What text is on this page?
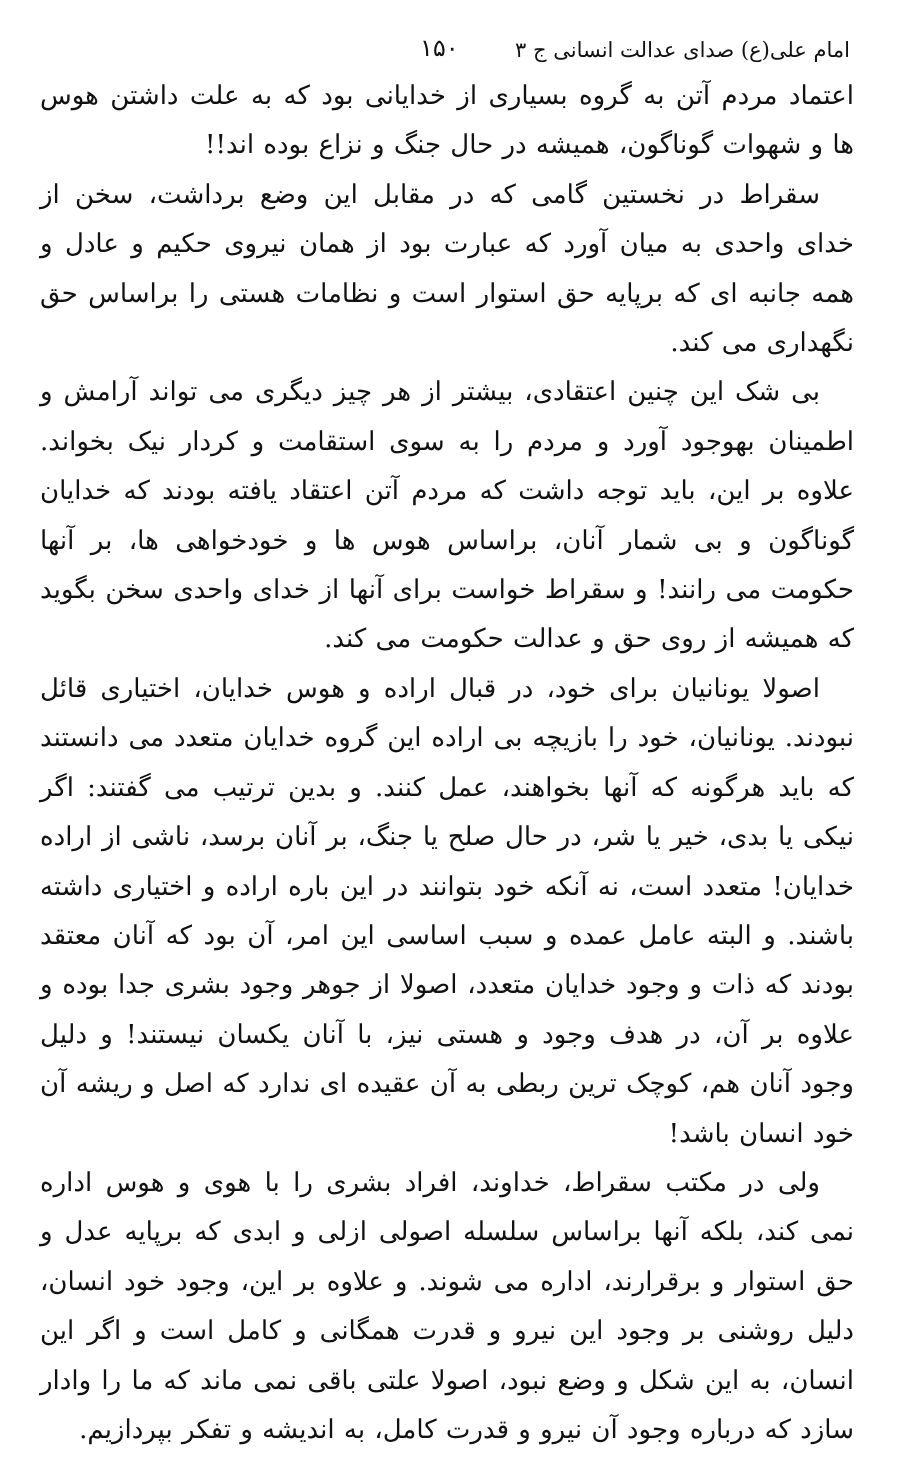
امام علی(ع) صدای عدالت انسانی ج ۳
۱۵۰

اعتماد مردم آتن به گروه بسیاری از خدایانی بود که به علت داشتن هوس ها و شهوات گوناگون، همیشه در حال جنگ و نزاع بوده اند!!

سقراط در نخستین گامی که در مقابل این وضع برداشت، سخن از خدای واحدی به میان آورد که عبارت بود از همان نیروی حکیم و عادل و همه جانبه ای که برپایه حق استوار است و نظامات هستی را براساس حق نگهداری می کند.

بی شک این چنین اعتقادی، بیشتر از هر چیز دیگری می تواند آرامش و اطمینان بهوجود آورد و مردم را به سوی استقامت و کردار نیک بخواند. علاوه بر این، باید توجه داشت که مردم آتن اعتقاد یافته بودند که خدایان گوناگون و بی شمار آنان، براساس هوس ها و خودخواهی ها، بر آنها حکومت می رانند! و سقراط خواست برای آنها از خدای واحدی سخن بگوید که همیشه از روی حق و عدالت حکومت می کند.

اصولا یونانیان برای خود، در قبال اراده و هوس خدایان، اختیاری قائل نبودند. یونانیان، خود را بازیچه بی اراده این گروه خدایان متعدد می دانستند که باید هرگونه که آنها بخواهند، عمل کنند. و بدین ترتیب می گفتند: اگر نیکی یا بدی، خیر یا شر، در حال صلح یا جنگ، بر آنان برسد، ناشی از اراده خدایان! متعدد است، نه آنکه خود بتوانند در این باره اراده و اختیاری داشته باشند. و البته عامل عمده و سبب اساسی این امر، آن بود که آنان معتقد بودند که ذات و وجود خدایان متعدد، اصولا از جوهر وجود بشری جدا بوده و علاوه بر آن، در هدف وجود و هستی نیز، با آنان یکسان نیستند! و دلیل وجود آنان هم، کوچک ترین ربطی به آن عقیده ای ندارد که اصل و ریشه آن خود انسان باشد!

ولی در مکتب سقراط، خداوند، افراد بشری را با هوی و هوس اداره نمی کند، بلکه آنها براساس سلسله اصولی ازلی و ابدی که برپایه عدل و حق استوار و برقرارند، اداره می شوند. و علاوه بر این، وجود خود انسان، دلیل روشنی بر وجود این نیرو و قدرت همگانی و کامل است و اگر این انسان، به این شکل و وضع نبود، اصولا علتی باقی نمی ماند که ما را وادار سازد که درباره وجود آن نیرو و قدرت کامل، به اندیشه و تفکر بپردازیم.
